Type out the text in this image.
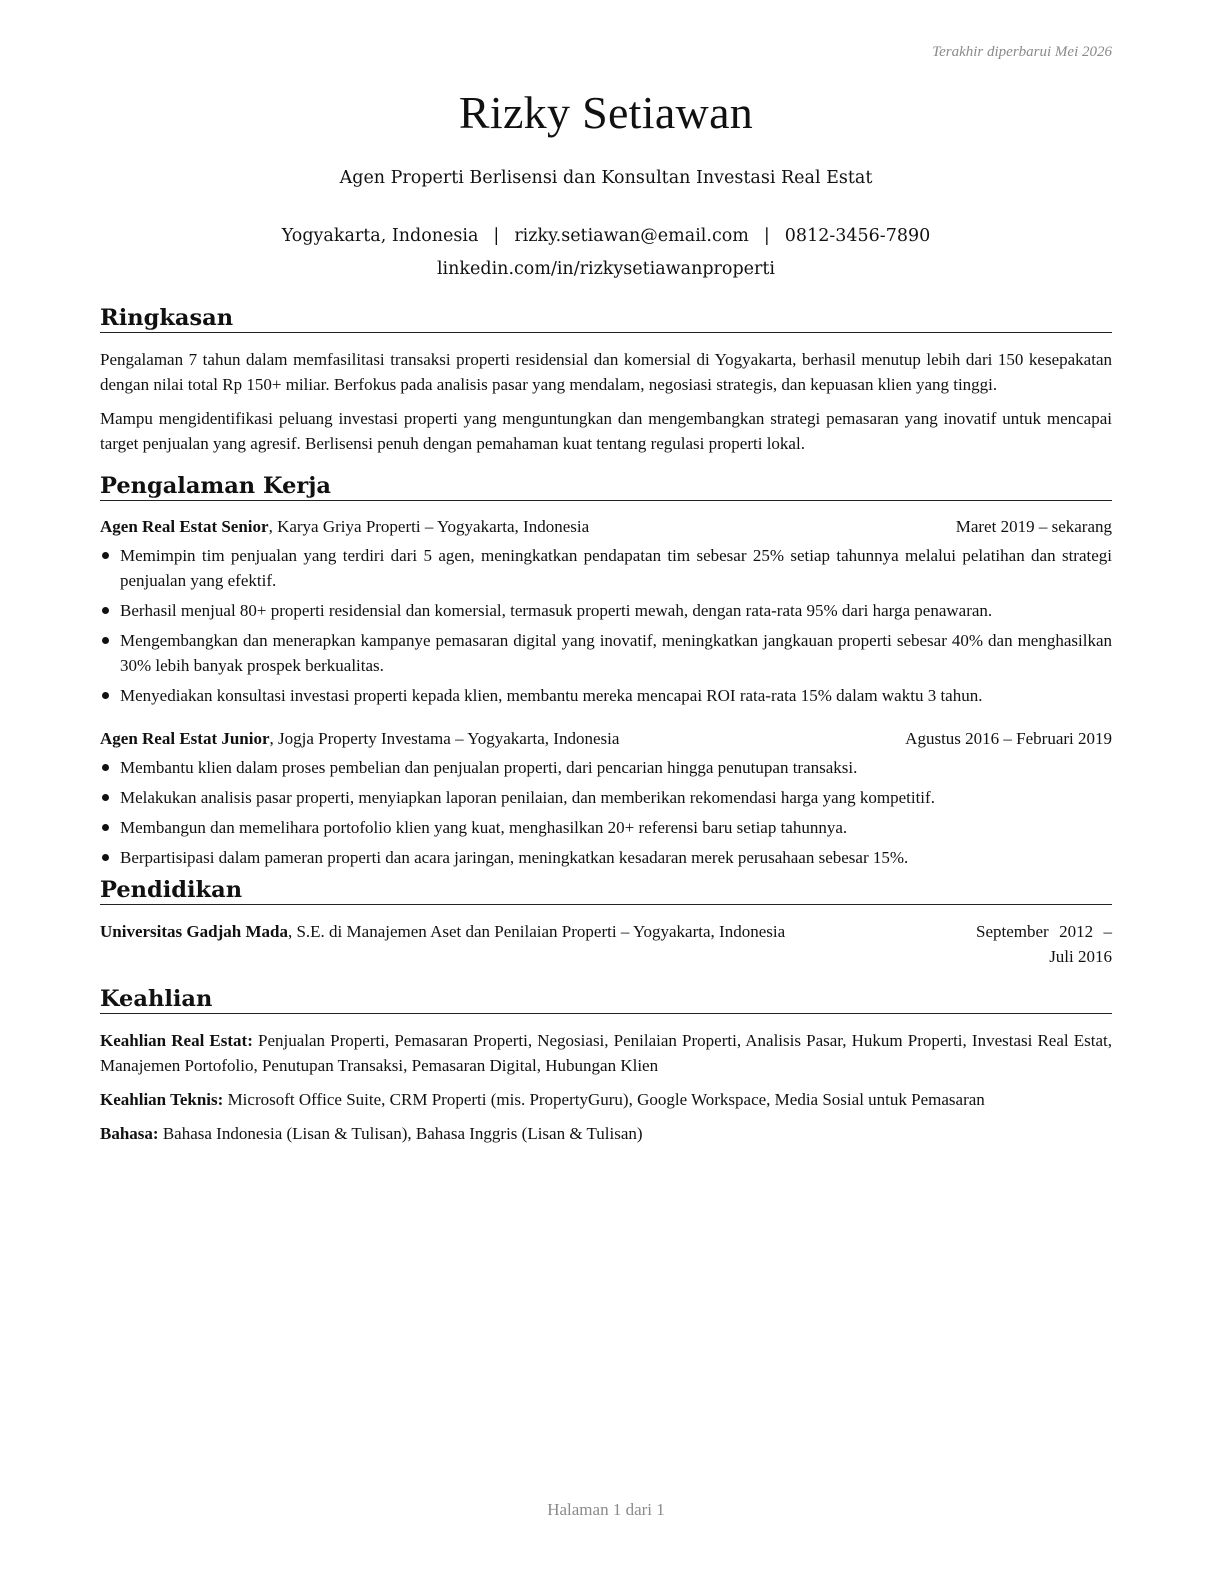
Terakhir diperbarui Mei 2026
Rizky Setiawan
Agen Properti Berlisensi dan Konsultan Investasi Real Estat
Yogyakarta, Indonesia | rizky.setiawan@email.com | 0812-3456-7890
linkedin.com/in/rizkysetiawanproperti
Ringkasan

Pengalaman 7 tahun dalam memfasilitasi transaksi properti residensial dan komersial di Yogyakarta, berhasil menutup lebih dari 150 kesepakatan dengan nilai total Rp 150+ miliar. Berfokus pada analisis pasar yang mendalam, negosiasi strategis, dan kepuasan klien yang tinggi.

Mampu mengidentifikasi peluang investasi properti yang menguntungkan dan mengembangkan strategi pemasaran yang inovatif untuk mencapai target penjualan yang agresif. Berlisensi penuh dengan pemahaman kuat tentang regulasi properti lokal.

Pengalaman Kerja
Agen Real Estat Senior, Karya Griya Properti – Yogyakarta, Indonesia	Maret 2019 – sekarang
Memimpin tim penjualan yang terdiri dari 5 agen, meningkatkan pendapatan tim sebesar 25% setiap tahunnya melalui pelatihan dan strategi penjualan yang efektif.
Berhasil menjual 80+ properti residensial dan komersial, termasuk properti mewah, dengan rata-rata 95% dari harga penawaran.
Mengembangkan dan menerapkan kampanye pemasaran digital yang inovatif, meningkatkan jangkauan properti sebesar 40% dan menghasilkan 30% lebih banyak prospek berkualitas.
Menyediakan konsultasi investasi properti kepada klien, membantu mereka mencapai ROI rata-rata 15% dalam waktu 3 tahun.
Agen Real Estat Junior, Jogja Property Investama – Yogyakarta, Indonesia	Agustus 2016 – Februari 2019
Membantu klien dalam proses pembelian dan penjualan properti, dari pencarian hingga penutupan transaksi.
Melakukan analisis pasar properti, menyiapkan laporan penilaian, dan memberikan rekomendasi harga yang kompetitif.
Membangun dan memelihara portofolio klien yang kuat, menghasilkan 20+ referensi baru setiap tahunnya.
Berpartisipasi dalam pameran properti dan acara jaringan, meningkatkan kesadaran merek perusahaan sebesar 15%.
Pendidikan
Universitas Gadjah Mada, S.E. di Manajemen Aset dan Penilaian Properti – Yogyakarta, Indonesia	September 2012 – Juli 2016
Keahlian

Keahlian Real Estat: Penjualan Properti, Pemasaran Properti, Negosiasi, Penilaian Properti, Analisis Pasar, Hukum Properti, Investasi Real Estat, Manajemen Portofolio, Penutupan Transaksi, Pemasaran Digital, Hubungan Klien

Keahlian Teknis: Microsoft Office Suite, CRM Properti (mis. PropertyGuru), Google Workspace, Media Sosial untuk Pemasaran

Bahasa: Bahasa Indonesia (Lisan & Tulisan), Bahasa Inggris (Lisan & Tulisan)

Halaman 1 dari 1
